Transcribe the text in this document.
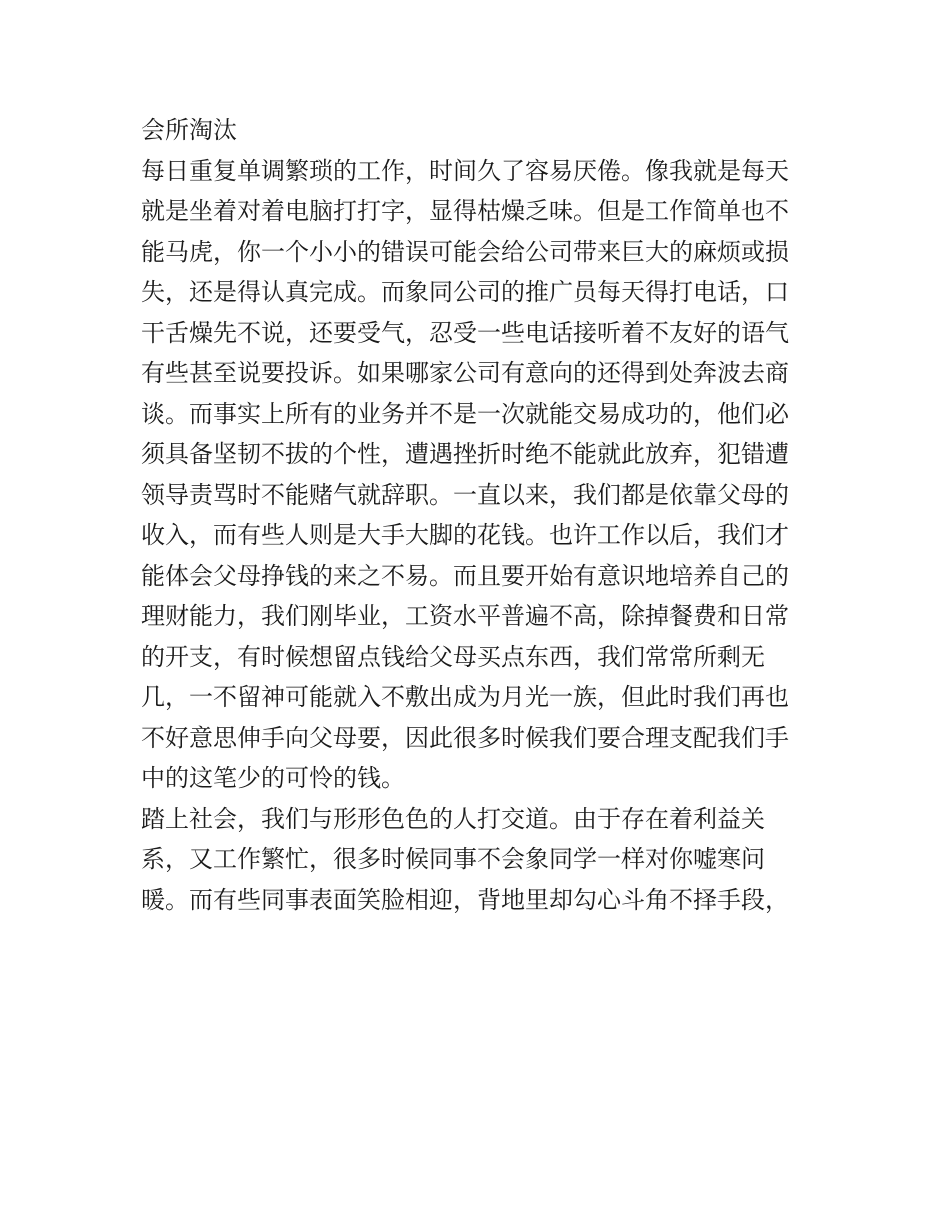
会所淘汰
每日重复单调繁琐的工作，时间久了容易厌倦。像我就是每天
就是坐着对着电脑打打字，显得枯燥乏味。但是工作简单也不
能马虎，你一个小小的错误可能会给公司带来巨大的麻烦或损
失，还是得认真完成。而象同公司的推广员每天得打电话，口
干舌燥先不说，还要受气，忍受一些电话接听着不友好的语气
有些甚至说要投诉。如果哪家公司有意向的还得到处奔波去商
谈。而事实上所有的业务并不是一次就能交易成功的，他们必
须具备坚韧不拔的个性，遭遇挫折时绝不能就此放弃，犯错遭
领导责骂时不能赌气就辞职。一直以来，我们都是依靠父母的
收入，而有些人则是大手大脚的花钱。也许工作以后，我们才
能体会父母挣钱的来之不易。而且要开始有意识地培养自己的
理财能力，我们刚毕业，工资水平普遍不高，除掉餐费和日常
的开支，有时候想留点钱给父母买点东西，我们常常所剩无
几，一不留神可能就入不敷出成为月光一族，但此时我们再也
不好意思伸手向父母要，因此很多时候我们要合理支配我们手
中的这笔少的可怜的钱。
踏上社会，我们与形形色色的人打交道。由于存在着利益关
系，又工作繁忙，很多时候同事不会象同学一样对你嘘寒问
暖。而有些同事表面笑脸相迎，背地里却勾心斗角不择手段，
